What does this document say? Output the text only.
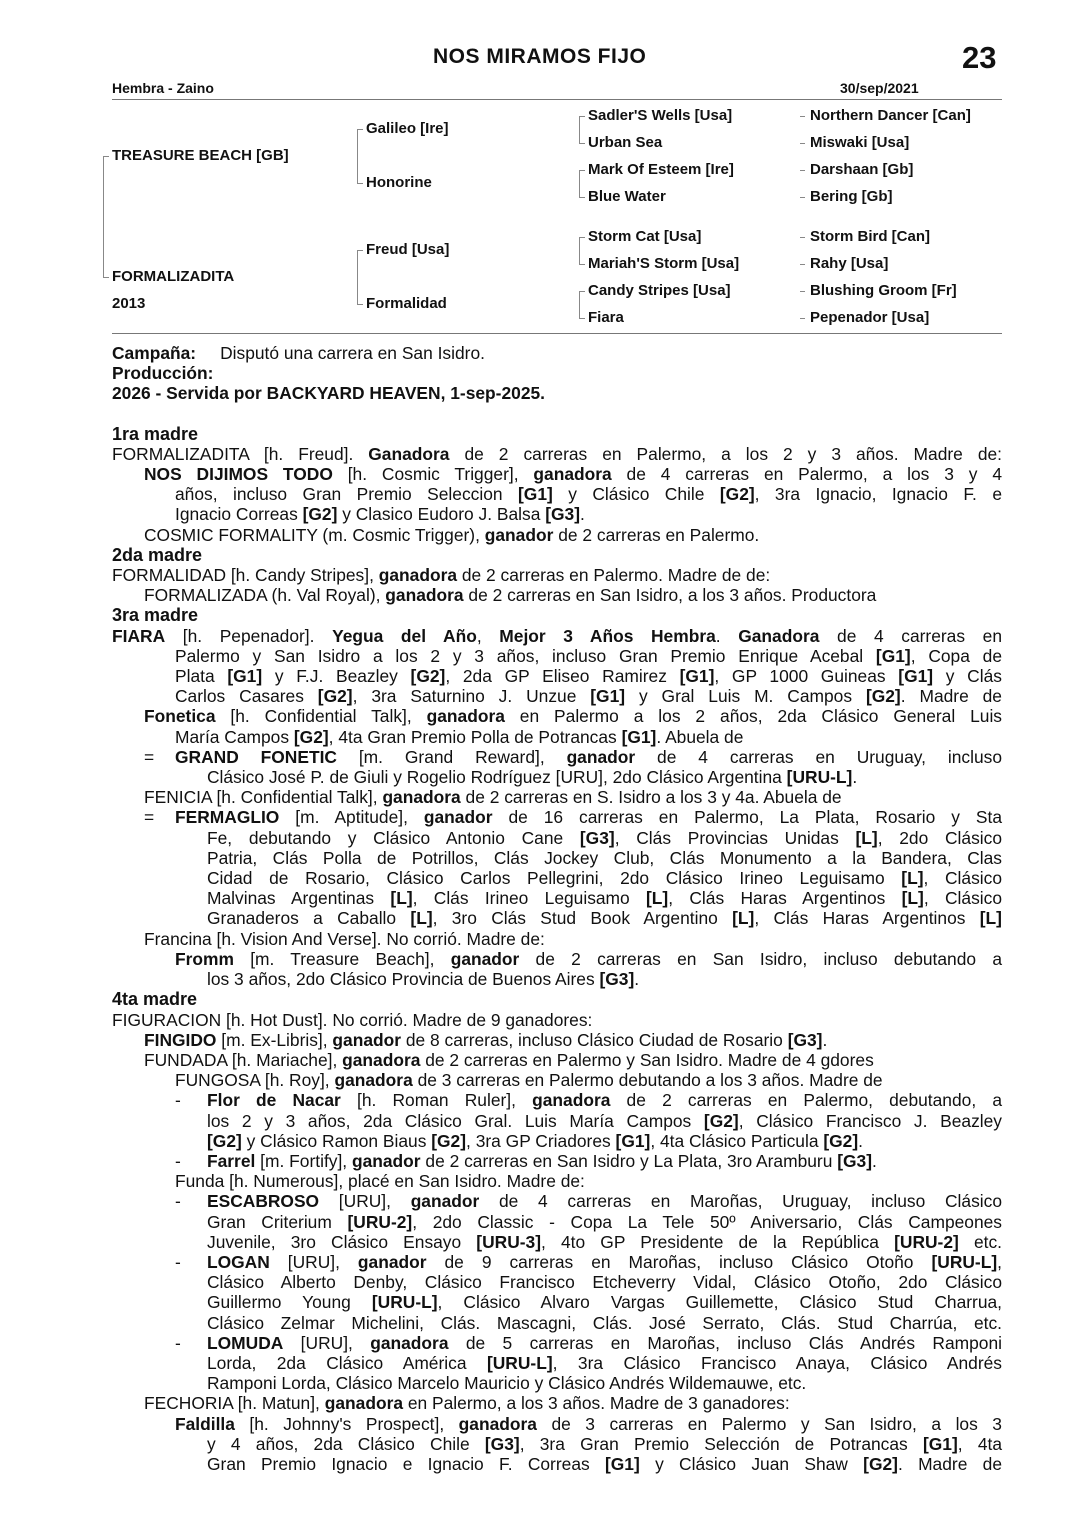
NOS MIRAMOS FIJO	23
Hembra - Zaino	30/sep/2021
TREASURE BEACH [GB]
FORMALIZADITA
2013
Galileo [Ire]
Honorine
Freud [Usa]
Formalidad
Sadler'S Wells [Usa]
Urban Sea
Mark Of Esteem [Ire]
Blue Water
Storm Cat [Usa]
Mariah'S Storm [Usa]
Candy Stripes [Usa]
Fiara
Northern Dancer [Can]
Miswaki [Usa]
Darshaan [Gb]
Bering [Gb]
Storm Bird [Can]
Rahy [Usa]
Blushing Groom [Fr]
Pepenador [Usa]
Campaña: Disputó una carrera en San Isidro.
Producción:
2026 - Servida por BACKYARD HEAVEN, 1-sep-2025.
1ra madre
FORMALIZADITA [h. Freud]. Ganadora de 2 carreras en Palermo, a los 2 y 3 años. Madre de:
NOS DIJIMOS TODO [h. Cosmic Trigger], ganadora de 4 carreras en Palermo, a los 3 y 4
años, incluso Gran Premio Seleccion [G1] y Clásico Chile [G2], 3ra Ignacio, Ignacio F. e
Ignacio Correas [G2] y Clasico Eudoro J. Balsa [G3].
COSMIC FORMALITY (m. Cosmic Trigger), ganador de 2 carreras en Palermo.
2da madre
FORMALIDAD [h. Candy Stripes], ganadora de 2 carreras en Palermo. Madre de de:
FORMALIZADA (h. Val Royal), ganadora de 2 carreras en San Isidro, a los 3 años. Productora
3ra madre
FIARA [h. Pepenador]. Yegua del Año, Mejor 3 Años Hembra. Ganadora de 4 carreras en
Palermo y San Isidro a los 2 y 3 años, incluso Gran Premio Enrique Acebal [G1], Copa de
Plata [G1] y F.J. Beazley [G2], 2da GP Eliseo Ramirez [G1], GP 1000 Guineas [G1] y Clás
Carlos Casares [G2], 3ra Saturnino J. Unzue [G1] y Gral Luis M. Campos [G2]. Madre de
Fonetica [h. Confidential Talk], ganadora en Palermo a los 2 años, 2da Clásico General Luis
María Campos [G2], 4ta Gran Premio Polla de Potrancas [G1]. Abuela de
= GRAND FONETIC [m. Grand Reward], ganador de 4 carreras en Uruguay, incluso
Clásico José P. de Giuli y Rogelio Rodríguez [URU], 2do Clásico Argentina [URU-L].
FENICIA [h. Confidential Talk], ganadora de 2 carreras en S. Isidro a los 3 y 4a. Abuela de
= FERMAGLIO [m. Aptitude], ganador de 16 carreras en Palermo, La Plata, Rosario y Sta
Fe, debutando y Clásico Antonio Cane [G3], Clás Provincias Unidas [L], 2do Clásico
Patria, Clás Polla de Potrillos, Clás Jockey Club, Clás Monumento a la Bandera, Clas
Cidad de Rosario, Clásico Carlos Pellegrini, 2do Clásico Irineo Leguisamo [L], Clásico
Malvinas Argentinas [L], Clás Irineo Leguisamo [L], Clás Haras Argentinos [L], Clásico
Granaderos a Caballo [L], 3ro Clás Stud Book Argentino [L], Clás Haras Argentinos [L]
Francina [h. Vision And Verse]. No corrió. Madre de:
Fromm [m. Treasure Beach], ganador de 2 carreras en San Isidro, incluso debutando a
los 3 años, 2do Clásico Provincia de Buenos Aires [G3].
4ta madre
FIGURACION [h. Hot Dust]. No corrió. Madre de 9 ganadores:
FINGIDO [m. Ex-Libris], ganador de 8 carreras, incluso Clásico Ciudad de Rosario [G3].
FUNDADA [h. Mariache], ganadora de 2 carreras en Palermo y San Isidro. Madre de 4 gdores
FUNGOSA [h. Roy], ganadora de 3 carreras en Palermo debutando a los 3 años. Madre de
- Flor de Nacar [h. Roman Ruler], ganadora de 2 carreras en Palermo, debutando, a
los 2 y 3 años, 2da Clásico Gral. Luis María Campos [G2], Clásico Francisco J. Beazley
[G2] y Clásico Ramon Biaus [G2], 3ra GP Criadores [G1], 4ta Clásico Particula [G2].
- Farrel [m. Fortify], ganador de 2 carreras en San Isidro y La Plata, 3ro Aramburu [G3].
Funda [h. Numerous], placé en San Isidro. Madre de:
- ESCABROSO [URU], ganador de 4 carreras en Maroñas, Uruguay, incluso Clásico
Gran Criterium [URU-2], 2do Classic - Copa La Tele 50º Aniversario, Clás Campeones
Juvenile, 3ro Clásico Ensayo [URU-3], 4to GP Presidente de la República [URU-2] etc.
- LOGAN [URU], ganador de 9 carreras en Maroñas, incluso Clásico Otoño [URU-L],
Clásico Alberto Denby, Clásico Francisco Etcheverry Vidal, Clásico Otoño, 2do Clásico
Guillermo Young [URU-L], Clásico Alvaro Vargas Guillemette, Clásico Stud Charrua,
Clásico Zelmar Michelini, Clás. Mascagni, Clás. José Serrato, Clás. Stud Charrúa, etc.
- LOMUDA [URU], ganadora de 5 carreras en Maroñas, incluso Clás Andrés Ramponi
Lorda, 2da Clásico América [URU-L], 3ra Clásico Francisco Anaya, Clásico Andrés
Ramponi Lorda, Clásico Marcelo Mauricio y Clásico Andrés Wildemauwe, etc.
FECHORIA [h. Matun], ganadora en Palermo, a los 3 años. Madre de 3 ganadores:
Faldilla [h. Johnny's Prospect], ganadora de 3 carreras en Palermo y San Isidro, a los 3
y 4 años, 2da Clásico Chile [G3], 3ra Gran Premio Selección de Potrancas [G1], 4ta
Gran Premio Ignacio e Ignacio F. Correas [G1] y Clásico Juan Shaw [G2]. Madre de
